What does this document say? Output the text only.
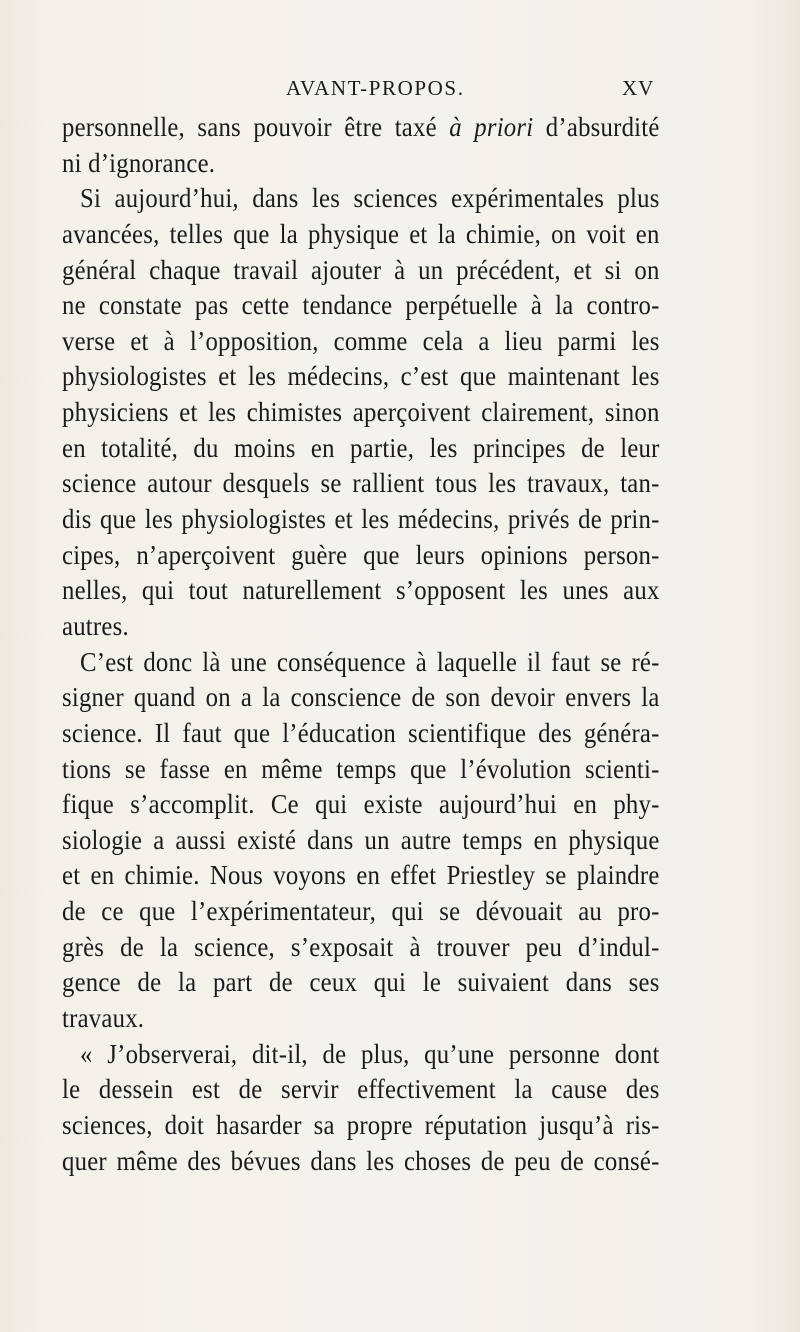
AVANT-PROPOS.	XV
personnelle, sans pouvoir être taxé à priori d’absurdité
ni d’ignorance.
Si aujourd’hui, dans les sciences expérimentales plus
avancées, telles que la physique et la chimie, on voit en
général chaque travail ajouter à un précédent, et si on
ne constate pas cette tendance perpétuelle à la contro-
verse et à l’opposition, comme cela a lieu parmi les
physiologistes et les médecins, c’est que maintenant les
physiciens et les chimistes aperçoivent clairement, sinon
en totalité, du moins en partie, les principes de leur
science autour desquels se rallient tous les travaux, tan-
dis que les physiologistes et les médecins, privés de prin-
cipes, n’aperçoivent guère que leurs opinions person-
nelles, qui tout naturellement s’opposent les unes aux
autres.
C’est donc là une conséquence à laquelle il faut se ré-
signer quand on a la conscience de son devoir envers la
science. Il faut que l’éducation scientifique des généra-
tions se fasse en même temps que l’évolution scienti-
fique s’accomplit. Ce qui existe aujourd’hui en phy-
siologie a aussi existé dans un autre temps en physique
et en chimie. Nous voyons en effet Priestley se plaindre
de ce que l’expérimentateur, qui se dévouait au pro-
grès de la science, s’exposait à trouver peu d’indul-
gence de la part de ceux qui le suivaient dans ses
travaux.
« J’observerai, dit-il, de plus, qu’une personne dont
le dessein est de servir effectivement la cause des
sciences, doit hasarder sa propre réputation jusqu’à ris-
quer même des bévues dans les choses de peu de consé-
